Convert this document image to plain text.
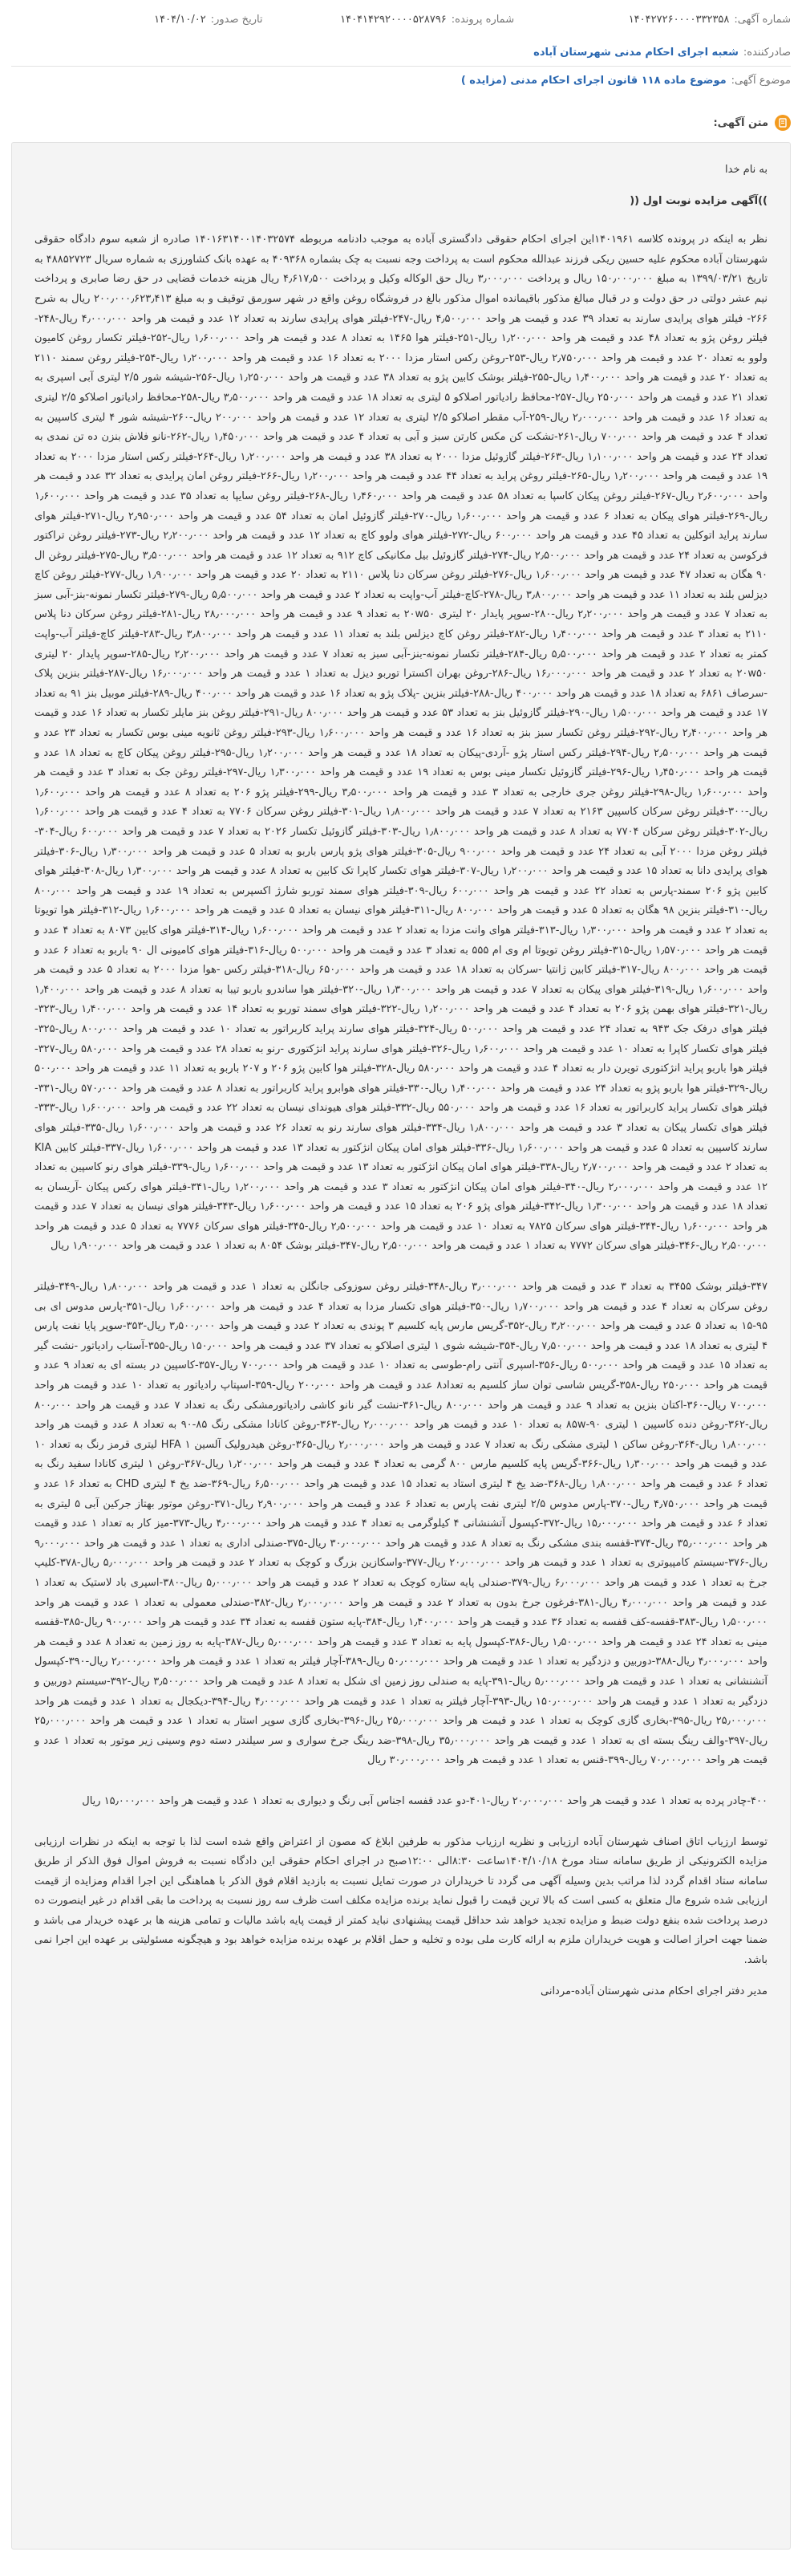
شماره آگهی:
۱۴۰۴۲۷۲۶۰۰۰۰۳۳۲۳۵۸
شماره پرونده:
۱۴۰۴۱۴۲۹۲۰۰۰۰۵۲۸۷۹۶
تاریخ صدور:
۱۴۰۴/۱۰/۰۲
صادرکننده:
شعبه اجرای احکام مدنی شهرستان آباده
موضوع آگهی:
موضوع ماده ۱۱۸ قانون اجرای احکام مدنی (مزایده )
متن آگهی:

به نام خدا

))آگهی مزایده نوبت اول ((

نظر به اینکه در پرونده کلاسه ۱۴۰۱۹۶۱این اجرای احکام حقوقی دادگستری آباده به موجب دادنامه مربوطه ۱۴۰۱۶۳۱۴۰۰۱۴۰۳۲۵۷۴ صادره از شعبه سوم دادگاه حقوقی شهرستان آباده محکوم علیه حسین ریکی فرزند عبدالله محکوم است به پرداخت وجه نسبت به چک بشماره ۴۰۹۳۶۸ به عهده بانک کشاورزی به شماره سریال ۴۸۸۵۲۷۲۳ به تاریخ ۱۳۹۹/۰۳/۲۱ به مبلغ ۱۵۰٫۰۰۰٫۰۰۰ ریال و پرداخت ۳٫۰۰۰٫۰۰۰ ریال حق الوکاله وکیل و پرداخت ۴٫۶۱۷٫۵۰۰ ریال هزینه خدمات قضایی در حق رضا صابری و پرداخت نیم عشر دولتی در حق دولت و در قبال مبالغ مذکور باقیمانده اموال مذکور بالغ در فروشگاه روغن واقع در شهر سورمق توقیف و به مبلغ ۲۰۰٫۰۰۰٫۶۲۳٫۴۱۳ ریال به شرح ۲۶۶- فیلتر هوای پرایدی سارند به تعداد ۳۹ عدد و قیمت هر واحد ۴٫۵۰۰٫۰۰۰ ریال-۲۴۷-فیلتر هوای پرایدی سارند به تعداد ۱۲ عدد و قیمت هر واحد ۴٫۰۰۰٫۰۰۰ ریال-۲۴۸-فیلتر روغن پژو به تعداد ۴۸ عدد و قیمت هر واحد ۱٫۲۰۰٫۰۰۰ ریال-۲۵۱-فیلتر هوا ۱۴۶۵ به تعداد ۸ عدد و قیمت هر واحد ۱٫۶۰۰٫۰۰۰ ریال-۲۵۲-فیلتر تکسار روغن کامیون ولوو به تعداد ۲۰ عدد و قیمت هر واحد ۲٫۷۵۰٫۰۰۰ ریال-۲۵۳-روغن رکس استار مزدا ۲۰۰۰ به تعداد ۱۶ عدد و قیمت هر واحد ۱٫۲۰۰٫۰۰۰ ریال-۲۵۴-فیلتر روغن سمند ۲۱۱۰ به تعداد ۲۰ عدد و قیمت هر واحد ۱٫۴۰۰٫۰۰۰ ریال-۲۵۵-فیلتر بوشک کابین پژو به تعداد ۳۸ عدد و قیمت هر واحد ۱٫۲۵۰٫۰۰۰ ریال-۲۵۶-شیشه شور ۲/۵ لیتری آبی اسپری به تعداد ۲۱ عدد و قیمت هر واحد ۲۵۰٫۰۰۰ ریال-۲۵۷-محافظ رادیاتور اصلاکو ۵ لیتری به تعداد ۱۸ عدد و قیمت هر واحد ۳٫۵۰۰٫۰۰۰ ریال-۲۵۸-محافظ رادیاتور اصلاکو ۲/۵ لیتری به تعداد ۱۶ عدد و قیمت هر واحد ۲٫۰۰۰٫۰۰۰ ریال-۲۵۹-آب مقطر اصلاکو ۲/۵ لیتری به تعداد ۱۲ عدد و قیمت هر واحد ۲۰۰٫۰۰۰ ریال-۲۶۰-شیشه شور ۴ لیتری کاسپین به تعداد ۴ عدد و قیمت هر واحد ۷۰۰٫۰۰۰ ریال-۲۶۱-تشکت کن مکس کارتن سبز و آبی به تعداد ۴ عدد و قیمت هر واحد ۱٫۴۵۰٫۰۰۰ ریال-۲۶۲-نانو فلاش بنزن ده تن نمدی به تعداد ۲۴ عدد و قیمت هر واحد ۱٫۱۰۰٫۰۰۰ ریال-۲۶۳-فیلتر گازوئیل مزدا ۲۰۰۰ به تعداد ۳۸ عدد و قیمت هر واحد ۱٫۲۰۰٫۰۰۰ ریال-۲۶۴-فیلتر رکس استار مزدا ۲۰۰۰ به تعداد ۱۹ عدد و قیمت هر واحد ۱٫۲۰۰٫۰۰۰ ریال-۲۶۵-فیلتر روغن پراید به تعداد ۴۴ عدد و قیمت هر واحد ۱٫۲۰۰٫۰۰۰ ریال-۲۶۶-فیلتر روغن امان پرایدی به تعداد ۳۲ عدد و قیمت هر واحد ۲٫۶۰۰٫۰۰۰ ریال-۲۶۷-فیلتر روغن پیکان کاسپا به تعداد ۵۸ عدد و قیمت هر واحد ۱٫۴۶۰٫۰۰۰ ریال-۲۶۸-فیلتر روغن سایپا به تعداد ۳۵ عدد و قیمت هر واحد ۱٫۶۰۰٫۰۰۰ ریال-۲۶۹-فیلتر هوای پیکان به تعداد ۶ عدد و قیمت هر واحد ۱٫۶۰۰٫۰۰۰ ریال-۲۷۰-فیلتر گازوئیل امان به تعداد ۵۴ عدد و قیمت هر واحد ۲٫۹۵۰٫۰۰۰ ریال-۲۷۱-فیلتر هوای سارند پراید اتوکلین به تعداد ۴۵ عدد و قیمت هر واحد ۶۰۰٫۰۰۰ ریال-۲۷۲-فیلتر هوای ولوو کاچ به تعداد ۱۲ عدد و قیمت هر واحد ۲٫۲۰۰٫۰۰۰ ریال-۲۷۳-فیلتر روغن تراکتور فرکوسن به تعداد ۲۴ عدد و قیمت هر واحد ۲٫۵۰۰٫۰۰۰ ریال-۲۷۴-فیلتر گازوئیل بیل مکانیکی کاچ ۹۱۲ به تعداد ۱۲ عدد و قیمت هر واحد ۳٫۵۰۰٫۰۰۰ ریال-۲۷۵-فیلتر روغن ال ۹۰ هگان به تعداد ۴۷ عدد و قیمت هر واحد ۱٫۶۰۰٫۰۰۰ ریال-۲۷۶-فیلتر روغن سرکان دنا پلاس ۲۱۱۰ به تعداد ۲۰ عدد و قیمت هر واحد ۱٫۹۰۰٫۰۰۰ ریال-۲۷۷-فیلتر روغن کاچ دیزلس بلند به تعداد ۱۱ عدد و قیمت هر واحد ۳٫۸۰۰٫۰۰۰ ریال-۲۷۸-کاچ-فیلتر آب-واپت به تعداد ۲ عدد و قیمت هر واحد ۵٫۵۰۰٫۰۰۰ ریال-۲۷۹-فیلتر تکسار نمونه-بنز-آبی سبز به تعداد ۷ عدد و قیمت هر واحد ۲٫۲۰۰٫۰۰۰ ریال-۲۸۰-سوپر پایدار ۲۰ لیتری ۲۰w۵۰ به تعداد ۹ عدد و قیمت هر واحد ۲۸٫۰۰۰٫۰۰۰ ریال-۲۸۱-فیلتر روغن سرکان دنا پلاس ۲۱۱۰ به تعداد ۳ عدد و قیمت هر واحد ۱٫۴۰۰٫۰۰۰ ریال-۲۸۲-فیلتر روغن کاچ دیزلس بلند به تعداد ۱۱ عدد و قیمت هر واحد ۳٫۸۰۰٫۰۰۰ ریال-۲۸۳-فیلتر کاچ-فیلتر آب-واپت کمتر به تعداد ۲ عدد و قیمت هر واحد ۵٫۵۰۰٫۰۰۰ ریال-۲۸۴-فیلتر تکسار نمونه-بنز-آبی سبز به تعداد ۷ عدد و قیمت هر واحد ۲٫۲۰۰٫۰۰۰ ریال-۲۸۵-سوپر پایدار ۲۰ لیتری ۲۰w۵۰ به تعداد ۲ عدد و قیمت هر واحد ۱۶٫۰۰۰٫۰۰۰ ریال-۲۸۶-روغن بهران اکسترا توربو دیزل به تعداد ۱ عدد و قیمت هر واحد ۱۶٫۰۰۰٫۰۰۰ ریال-۲۸۷-فیلتر بنزین پلاک -سرصاف ۶۸۶۱ به تعداد ۱۸ عدد و قیمت هر واحد ۴۰۰٫۰۰۰ ریال-۲۸۸-فیلتر بنزین -پلاک پژو به تعداد ۱۶ عدد و قیمت هر واحد ۴۰۰٫۰۰۰ ریال-۲۸۹-فیلتر موبیل بنز ۹۱ به تعداد ۱۷ عدد و قیمت هر واحد ۱٫۵۰۰٫۰۰۰ ریال-۲۹۰-فیلتر گازوئیل بنز به تعداد ۵۳ عدد و قیمت هر واحد ۸۰۰٫۰۰۰ ریال-۲۹۱-فیلتر روغن بنز مایلر تکسار به تعداد ۱۶ عدد و قیمت هر واحد ۲٫۴۰۰٫۰۰۰ ریال-۲۹۲-فیلتر روغن تکسار سبز بنز به تعداد ۱۶ عدد و قیمت هر واحد ۱٫۶۰۰٫۰۰۰ ریال-۲۹۳-فیلتر روغن ثانویه مینی بوس تکسار به تعداد ۲۳ عدد و قیمت هر واحد ۲٫۵۰۰٫۰۰۰ ریال-۲۹۴-فیلتر رکس استار پژو -آردی-پیکان به تعداد ۱۸ عدد و قیمت هر واحد ۱٫۲۰۰٫۰۰۰ ریال-۲۹۵-فیلتر روغن پیکان کاچ به تعداد ۱۸ عدد و قیمت هر واحد ۱٫۴۵۰٫۰۰۰ ریال-۲۹۶-فیلتر گازوئیل تکسار مینی بوس به تعداد ۱۹ عدد و قیمت هر واحد ۱٫۳۰۰٫۰۰۰ ریال-۲۹۷-فیلتر روغن جک به تعداد ۳ عدد و قیمت هر واحد ۱٫۶۰۰٫۰۰۰ ریال-۲۹۸-فیلتر روغن جری خارجی به تعداد ۳ عدد و قیمت هر واحد ۳٫۵۰۰٫۰۰۰ ریال-۲۹۹-فیلتر پژو ۲۰۶ به تعداد ۸ عدد و قیمت هر واحد ۱٫۶۰۰٫۰۰۰ ریال-۳۰۰-فیلتر روغن سرکان کاسپین ۲۱۶۳ به تعداد ۷ عدد و قیمت هر واحد ۱٫۸۰۰٫۰۰۰ ریال-۳۰۱-فیلتر روغن سرکان ۷۷۰۶ به تعداد ۴ عدد و قیمت هر واحد ۱٫۶۰۰٫۰۰۰ ریال-۳۰۲-فیلتر روغن سرکان ۷۷۰۴ به تعداد ۸ عدد و قیمت هر واحد ۱٫۸۰۰٫۰۰۰ ریال-۳۰۳-فیلتر گازوئیل تکسار ۲۰۲۶ به تعداد ۷ عدد و قیمت هر واحد ۶۰۰٫۰۰۰ ریال-۳۰۴-فیلتر روغن مزدا ۲۰۰۰ آبی به تعداد ۲۴ عدد و قیمت هر واحد ۹۰۰٫۰۰۰ ریال-۳۰۵-فیلتر هوای پژو پارس باربو به تعداد ۵ عدد و قیمت هر واحد ۱٫۳۰۰٫۰۰۰ ریال-۳۰۶-فیلتر هوای پرایدی دانا به تعداد ۱۵ عدد و قیمت هر واحد ۱٫۲۰۰٫۰۰۰ ریال-۳۰۷-فیلتر هوای تکسار کاپرا تک کابین به تعداد ۸ عدد و قیمت هر واحد ۱٫۳۰۰٫۰۰۰ ریال-۳۰۸-فیلتر هوای کابین پژو ۲۰۶ سمند-پارس به تعداد ۲۲ عدد و قیمت هر واحد ۶۰۰٫۰۰۰ ریال-۳۰۹-فیلتر هوای سمند توربو شارژ اکسپرس به تعداد ۱۹ عدد و قیمت هر واحد ۸۰۰٫۰۰۰ ریال-۳۱۰-فیلتر بنزین ۹۸ هگان به تعداد ۵ عدد و قیمت هر واحد ۸۰۰٫۰۰۰ ریال-۳۱۱-فیلتر هوای نیسان به تعداد ۵ عدد و قیمت هر واحد ۱٫۶۰۰٫۰۰۰ ریال-۳۱۲-فیلتر هوا تویوتا به تعداد ۲ عدد و قیمت هر واحد ۱٫۳۰۰٫۰۰۰ ریال-۳۱۳-فیلتر هوای وانت مزدا به تعداد ۲ عدد و قیمت هر واحد ۱٫۶۰۰٫۰۰۰ ریال-۳۱۴-فیلتر هوای کابین ۸۰۷۳ به تعداد ۴ عدد و قیمت هر واحد ۱٫۵۷۰٫۰۰۰ ریال-۳۱۵-فیلتر روغن تویوتا ام وی ام ۵۵۵ به تعداد ۳ عدد و قیمت هر واحد ۵۰۰٫۰۰۰ ریال-۳۱۶-فیلتر هوای کامیونی ال ۹۰ باربو به تعداد ۶ عدد و قیمت هر واحد ۸۰۰٫۰۰۰ ریال-۳۱۷-فیلتر کابین ژانتیا -سرکان به تعداد ۱۸ عدد و قیمت هر واحد ۶۵۰٫۰۰۰ ریال-۳۱۸-فیلتر رکس -هوا مزدا ۲۰۰۰ به تعداد ۵ عدد و قیمت هر واحد ۱٫۶۰۰٫۰۰۰ ریال-۳۱۹-فیلتر هوای پیکان به تعداد ۷ عدد و قیمت هر واحد ۱٫۳۰۰٫۰۰۰ ریال-۳۲۰-فیلتر هوا ساندرو باربو تیبا به تعداد ۸ عدد و قیمت هر واحد ۱٫۴۰۰٫۰۰۰ ریال-۳۲۱-فیلتر هوای بهمن پژو ۲۰۶ به تعداد ۴ عدد و قیمت هر واحد ۱٫۲۰۰٫۰۰۰ ریال-۳۲۲-فیلتر هوای سمند توربو به تعداد ۱۴ عدد و قیمت هر واحد ۱٫۴۰۰٫۰۰۰ ریال-۳۲۳-فیلتر هوای درفک جک ۹۴۳ به تعداد ۲۴ عدد و قیمت هر واحد ۵۰۰٫۰۰۰ ریال-۳۲۴-فیلتر هوای سارند پراید کاربراتور به تعداد ۱۰ عدد و قیمت هر واحد ۸۰۰٫۰۰۰ ریال-۳۲۵-فیلتر هوای تکسار کاپرا به تعداد ۱۰ عدد و قیمت هر واحد ۱٫۶۰۰٫۰۰۰ ریال-۳۲۶-فیلتر هوای سارند پراید انژکتوری -رنو به تعداد ۲۸ عدد و قیمت هر واحد ۵۸۰٫۰۰۰ ریال-۳۲۷-فیلتر هوا باربو پراید انژکتوری تویرن دار به تعداد ۴ عدد و قیمت هر واحد ۵۸۰٫۰۰۰ ریال-۳۲۸-فیلتر هوا کابین پژو ۲۰۶ و ۲۰۷ باربو به تعداد ۱۱ عدد و قیمت هر واحد ۵۰۰٫۰۰۰ ریال-۳۲۹-فیلتر هوا باربو پژو به تعداد ۲۴ عدد و قیمت هر واحد ۱٫۴۰۰٫۰۰۰ ریال-۳۳۰-فیلتر هوای هوابرو پراید کاربراتور به تعداد ۸ عدد و قیمت هر واحد ۵۷۰٫۰۰۰ ریال-۳۳۱-فیلتر هوای تکسار پراید کاربراتور به تعداد ۱۶ عدد و قیمت هر واحد ۵۵۰٫۰۰۰ ریال-۳۳۲-فیلتر هوای هیوندای نیسان به تعداد ۲۲ عدد و قیمت هر واحد ۱٫۶۰۰٫۰۰۰ ریال-۳۳۳-فیلتر هوای تکسار پیکان به تعداد ۳ عدد و قیمت هر واحد ۱٫۸۰۰٫۰۰۰ ریال-۳۳۴-فیلتر هوای سارند رنو به تعداد ۲۶ عدد و قیمت هر واحد ۱٫۶۰۰٫۰۰۰ ریال-۳۳۵-فیلتر هوای سارند کاسپین به تعداد ۵ عدد و قیمت هر واحد ۱٫۶۰۰٫۰۰۰ ریال-۳۳۶-فیلتر هوای امان پیکان انژکتور به تعداد ۱۳ عدد و قیمت هر واحد ۱٫۶۰۰٫۰۰۰ ریال-۳۳۷-فیلتر کابین KIA به تعداد ۲ عدد و قیمت هر واحد ۲٫۷۰۰٫۰۰۰ ریال-۳۳۸-فیلتر هوای امان پیکان انژکتور به تعداد ۱۳ عدد و قیمت هر واحد ۱٫۶۰۰٫۰۰۰ ریال-۳۳۹-فیلتر هوای رنو کاسپین به تعداد ۱۲ عدد و قیمت هر واحد ۲٫۰۰۰٫۰۰۰ ریال-۳۴۰-فیلتر هوای امان پیکان انژکتور به تعداد ۳ عدد و قیمت هر واحد ۱٫۲۰۰٫۰۰۰ ریال-۳۴۱-فیلتر هوای رکس پیکان -آریسان به تعداد ۱۸ عدد و قیمت هر واحد ۱٫۳۰۰٫۰۰۰ ریال-۳۴۲-فیلتر هوای پژو ۲۰۶ به تعداد ۱۵ عدد و قیمت هر واحد ۱٫۶۰۰٫۰۰۰ ریال-۳۴۳-فیلتر هوای نیسان به تعداد ۷ عدد و قیمت هر واحد ۱٫۶۰۰٫۰۰۰ ریال-۳۴۴-فیلتر هوای سرکان ۷۸۲۵ به تعداد ۱۰ عدد و قیمت هر واحد ۲٫۵۰۰٫۰۰۰ ریال-۳۴۵-فیلتر هوای سرکان ۷۷۷۶ به تعداد ۵ عدد و قیمت هر واحد ۲٫۵۰۰٫۰۰۰ ریال-۳۴۶-فیلتر هوای سرکان ۷۷۷۲ به تعداد ۱ عدد و قیمت هر واحد ۲٫۵۰۰٫۰۰۰ ریال-۳۴۷-فیلتر بوشک ۸۰۵۴ به تعداد ۱ عدد و قیمت هر واحد ۱٫۹۰۰٫۰۰۰ ریال

۳۴۷-فیلتر بوشک ۳۴۵۵ به تعداد ۳ عدد و قیمت هر واحد ۳٫۰۰۰٫۰۰۰ ریال-۳۴۸-فیلتر روغن سوزوکی جانگلن به تعداد ۱ عدد و قیمت هر واحد ۱٫۸۰۰٫۰۰۰ ریال-۳۴۹-فیلتر روغن سرکان به تعداد ۴ عدد و قیمت هر واحد ۱٫۷۰۰٫۰۰۰ ریال-۳۵۰-فیلتر هوای تکسار مزدا به تعداد ۴ عدد و قیمت هر واحد ۱٫۶۰۰٫۰۰۰ ریال-۳۵۱-پارس مدوس ای بی ۹۵-۱۵ به تعداد ۵ عدد و قیمت هر واحد ۳٫۲۰۰٫۰۰۰ ریال-۳۵۲-گریس مارس پایه کلسیم ۳ پوندی به تعداد ۲ عدد و قیمت هر واحد ۳٫۵۰۰٫۰۰۰ ریال-۳۵۳-سوپر پایا نفت پارس ۴ لیتری به تعداد ۱۸ عدد و قیمت هر واحد ۷٫۵۰۰٫۰۰۰ ریال-۳۵۴-شیشه شوی ۱ لیتری اصلاکو به تعداد ۳۷ عدد و قیمت هر واحد ۱۵۰٫۰۰۰ ریال-۳۵۵-آستاب رادیاتور -نشت گیر به تعداد ۱۵ عدد و قیمت هر واحد ۵۰۰٫۰۰۰ ریال-۳۵۶-اسپری آنتی رام-طوسی به تعداد ۱۰ عدد و قیمت هر واحد ۷۰۰٫۰۰۰ ریال-۳۵۷-کاسپین در بسته ای به تعداد ۹ عدد و قیمت هر واحد ۲۵۰٫۰۰۰ ریال-۳۵۸-گریس شاسی توان ساز کلسیم به تعداد۸ عدد و قیمت هر واحد ۲۰۰٫۰۰۰ ریال-۳۵۹-اسپتاپ رادیاتور به تعداد ۱۰ عدد و قیمت هر واحد ۷۰۰٫۰۰۰ ریال-۳۶۰-اکتان بنزین به تعداد ۹ عدد و قیمت هر واحد ۸۰۰٫۰۰۰ ریال-۳۶۱-نشت گیر نانو کاشی رادیاتورمشکی رنگ به تعداد ۷ عدد و قیمت هر واحد ۸۰۰٫۰۰۰ ریال-۳۶۲-روغن دنده کاسپین ۱ لیتری ۹۰-۸۵w به تعداد ۱۰ عدد و قیمت هر واحد ۲٫۰۰۰٫۰۰۰ ریال-۳۶۳-روغن کانادا مشکی رنگ ۸۵-۹۰ به تعداد ۸ عدد و قیمت هر واحد ۱٫۸۰۰٫۰۰۰ ریال-۳۶۴-روغن ساکن ۱ لیتری مشکی رنگ به تعداد ۷ عدد و قیمت هر واحد ۲٫۰۰۰٫۰۰۰ ریال-۳۶۵-روغن هیدرولیک آلسین ۱ HFA لیتری قرمز رنگ به تعداد ۱۰ عدد و قیمت هر واحد ۱٫۳۰۰٫۰۰۰ ریال-۳۶۶-گریس پایه کلسیم مارس ۸۰۰ گرمی به تعداد ۴ عدد و قیمت هر واحد ۱٫۲۰۰٫۰۰۰ ریال-۳۶۷-روغن ۱ لیتری کانادا سفید رنگ به تعداد ۶ عدد و قیمت هر واحد ۱٫۸۰۰٫۰۰۰ ریال-۳۶۸-ضد یخ ۴ لیتری استاد به تعداد ۱۵ عدد و قیمت هر واحد ۶٫۵۰۰٫۰۰۰ ریال-۳۶۹-ضد یخ ۴ لیتری CHD به تعداد ۱۶ عدد و قیمت هر واحد ۴٫۷۵۰٫۰۰۰ ریال-۳۷۰-پارس مدوس ۲/۵ لیتری نفت پارس به تعداد ۶ عدد و قیمت هر واحد ۲٫۹۰۰٫۰۰۰ ریال-۳۷۱-روغن موتور بهتاز جرکین آبی ۵ لیتری به تعداد ۶ عدد و قیمت هر واحد ۱۵٫۰۰۰٫۰۰۰ ریال-۳۷۲-کپسول آتشنشانی ۴ کیلوگرمی به تعداد ۴ عدد و قیمت هر واحد ۴٫۰۰۰٫۰۰۰ ریال-۳۷۳-میز کار به تعداد ۱ عدد و قیمت هر واحد ۳۵٫۰۰۰٫۰۰۰ ریال-۳۷۴-قفسه بندی مشکی رنگ به تعداد ۸ عدد و قیمت هر واحد ۳۰٫۰۰۰٫۰۰۰ ریال-۳۷۵-صندلی اداری به تعداد ۱ عدد و قیمت هر واحد ۹٫۰۰۰٫۰۰۰ ریال-۳۷۶-سیستم کامپیوتری به تعداد ۱ عدد و قیمت هر واحد ۲۰٫۰۰۰٫۰۰۰ ریال-۳۷۷-واسکازین بزرگ و کوچک به تعداد ۲ عدد و قیمت هر واحد ۵٫۰۰۰٫۰۰۰ ریال-۳۷۸-کلیپ جرخ به تعداد ۱ عدد و قیمت هر واحد ۶٫۰۰۰٫۰۰۰ ریال-۳۷۹-صندلی پایه ستاره کوچک به تعداد ۲ عدد و قیمت هر واحد ۵٫۰۰۰٫۰۰۰ ریال-۳۸۰-اسپری باد لاستیک به تعداد ۱ عدد و قیمت هر واحد ۴٫۰۰۰٫۰۰۰ ریال-۳۸۱-فرغون جرخ بدون به تعداد ۲ عدد و قیمت هر واحد ۲٫۰۰۰٫۰۰۰ ریال-۳۸۲-صندلی معمولی به تعداد ۱ عدد و قیمت هر واحد ۱٫۵۰۰٫۰۰۰ ریال-۳۸۳-قفسه-کف قفسه به تعداد ۳۶ عدد و قیمت هر واحد ۱٫۴۰۰٫۰۰۰ ریال-۳۸۴-پایه ستون قفسه به تعداد ۳۴ عدد و قیمت هر واحد ۹۰۰٫۰۰۰ ریال-۳۸۵-قفسه مینی به تعداد ۲۴ عدد و قیمت هر واحد ۱٫۵۰۰٫۰۰۰ ریال-۳۸۶-کپسول پایه به تعداد ۳ عدد و قیمت هر واحد ۵٫۰۰۰٫۰۰۰ ریال-۳۸۷-پایه به روز زمین به تعداد ۸ عدد و قیمت هر واحد ۴٫۰۰۰٫۰۰۰ ریال-۳۸۸-دوربین و دزدگیر به تعداد ۱ عدد و قیمت هر واحد ۵۰٫۰۰۰٫۰۰۰ ریال-۳۸۹-آچار فیلتر به تعداد ۱ عدد و قیمت هر واحد ۲٫۰۰۰٫۰۰۰ ریال-۳۹۰-کپسول آتشنشانی به تعداد ۱ عدد و قیمت هر واحد ۵٫۰۰۰٫۰۰۰ ریال-۳۹۱-پایه به صندلی روز زمین ای شکل به تعداد ۸ عدد و قیمت هر واحد ۳٫۵۰۰٫۰۰۰ ریال-۳۹۲-سیستم دوربین و دزدگیر به تعداد ۱ عدد و قیمت هر واحد ۱۵۰٫۰۰۰٫۰۰۰ ریال-۳۹۳-آچار فیلتر به تعداد ۱ عدد و قیمت هر واحد ۴٫۰۰۰٫۰۰۰ ریال-۳۹۴-دیکجال به تعداد ۱ عدد و قیمت هر واحد ۲۵٫۰۰۰٫۰۰۰ ریال-۳۹۵-بخاری گازی کوچک به تعداد ۱ عدد و قیمت هر واحد ۲۵٫۰۰۰٫۰۰۰ ریال-۳۹۶-بخاری گازی سوپر استار به تعداد ۱ عدد و قیمت هر واحد ۲۵٫۰۰۰٫۰۰۰ ریال-۳۹۷-والف رینگ بسته ای به تعداد ۱ عدد و قیمت هر واحد ۳۵٫۰۰۰٫۰۰۰ ریال-۳۹۸-ضد رینگ جرخ سواری و سر سیلندر دسته دوم وسینی زیر موتور به تعداد ۱ عدد و قیمت هر واحد ۷۰٫۰۰۰٫۰۰۰ ریال-۳۹۹-قنس به تعداد ۱ عدد و قیمت هر واحد ۳۰٫۰۰۰٫۰۰۰ ریال

۴۰۰-چادر پرده به تعداد ۱ عدد و قیمت هر واحد ۲۰٫۰۰۰٫۰۰۰ ریال-۴۰۱-دو عدد قفسه اجناس آبی رنگ و دیواری به تعداد ۱ عدد و قیمت هر واحد ۱۵٫۰۰۰٫۰۰۰ ریال

توسط ارزیاب اتاق اصناف شهرستان آباده ارزیابی و نظریه ارزیاب مذکور به طرفین ابلاغ که مصون از اعتراض واقع شده است لذا با توجه به اینکه در نظرات ارزیابی مزایده الکترونیکی از طریق سامانه ستاد مورخ ۱۴۰۴/۱۰/۱۸ساعت ۸:۳۰الی ۱۲:۰۰صبح در اجرای احکام حقوقی این دادگاه نسبت به فروش اموال فوق الذکر از طریق سامانه ستاد اقدام گردد لذا مراتب بدین وسیله آگهی می گردد تا خریداران در صورت تمایل نسبت به بازدید اقلام فوق الذکر با هماهنگی این اجرا اقدام ومزایده از قیمت ارزیابی شده شروع مال متعلق به کسی است که بالا ترین قیمت را قبول نماید برنده مزایده مکلف است ظرف سه روز نسبت به پرداخت ما بقی اقدام در غیر اینصورت ده درصد پرداخت شده بنفع دولت ضبط و مزایده تجدید خواهد شد حداقل قیمت پیشنهادی نباید کمتر از قیمت پایه باشد مالیات و تمامی هزینه ها بر عهده خریدار می باشد و ضمنا جهت احراز اصالت و هویت خریداران ملزم به ارائه کارت ملی بوده و تخلیه و حمل اقلام بر عهده برنده مزایده خواهد بود و هیچگونه مسئولیتی بر عهده این اجرا نمی باشد.

مدیر دفتر اجرای احکام مدنی شهرستان آباده-مردانی
